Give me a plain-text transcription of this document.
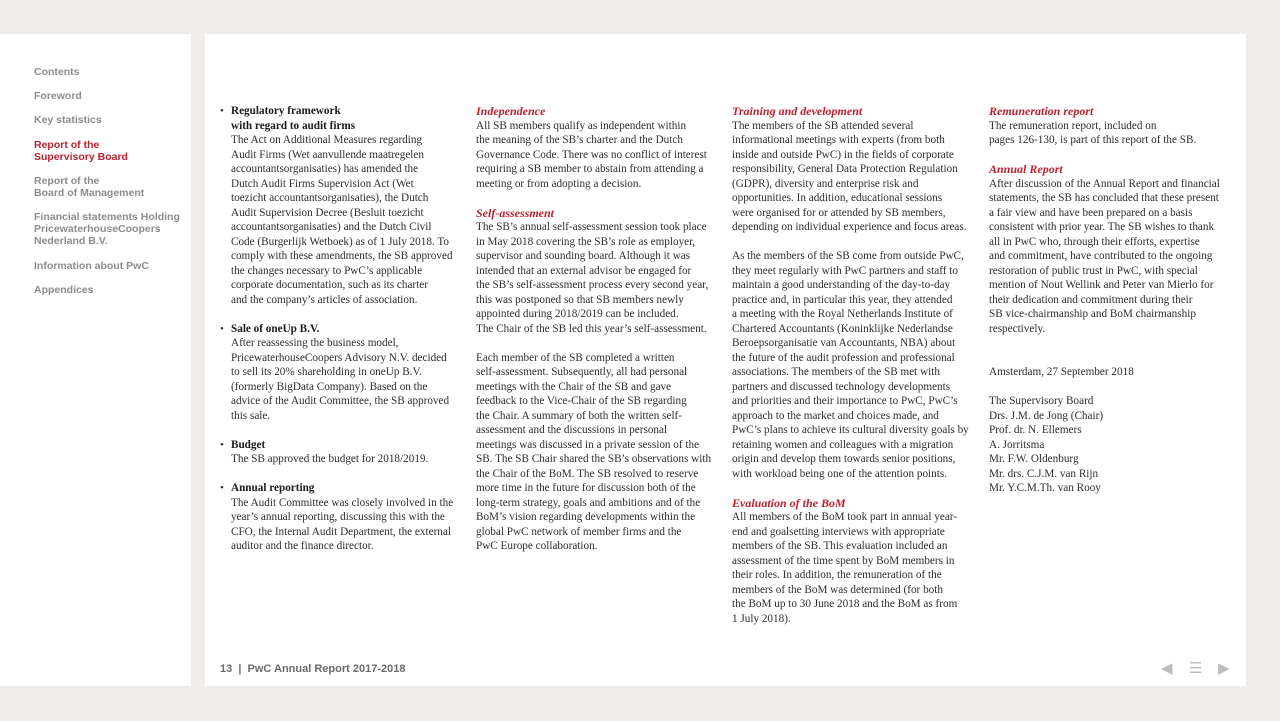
Contents
Foreword
Key statistics
Report of the
Supervisory Board
Report of the
Board of Management
Financial statements Holding
PricewaterhouseCoopers
Nederland B.V.
Information about PwC
Appendices

• Regulatory framework

with regard to audit firms

The Act on Additional Measures regarding

Audit Firms (Wet aanvullende maatregelen

accountantsorganisaties) has amended the

Dutch Audit Firms Supervision Act (Wet

toezicht accountantsorganisaties), the Dutch

Audit Supervision Decree (Besluit toezicht

accountantsorganisaties) and the Dutch Civil

Code (Burgerlijk Wetboek) as of 1 July 2018. To

comply with these amendments, the SB approved

the changes necessary to PwC’s applicable

corporate documentation, such as its charter

and the company’s articles of association.

• Sale of oneUp B.V.

After reassessing the business model,

PricewaterhouseCoopers Advisory N.V. decided

to sell its 20% shareholding in oneUp B.V.

(formerly BigData Company). Based on the

advice of the Audit Committee, the SB approved

this sale.

• Budget

The SB approved the budget for 2018/2019.

• Annual reporting

The Audit Committee was closely involved in the

year’s annual reporting, discussing this with the

CFO, the Internal Audit Department, the external

auditor and the finance director.

Independence

All SB members qualify as independent within

the meaning of the SB’s charter and the Dutch

Governance Code. There was no conflict of interest

requiring a SB member to abstain from attending a

meeting or from adopting a decision.

Self-assessment

The SB’s annual self-assessment session took place

in May 2018 covering the SB’s role as employer,

supervisor and sounding board. Although it was

intended that an external advisor be engaged for

the SB’s self-assessment process every second year,

this was postponed so that SB members newly

appointed during 2018/2019 can be included.

The Chair of the SB led this year’s self-assessment.

Each member of the SB completed a written

self-assessment. Subsequently, all had personal

meetings with the Chair of the SB and gave

feedback to the Vice-Chair of the SB regarding

the Chair. A summary of both the written self-

assessment and the discussions in personal

meetings was discussed in a private session of the

SB. The SB Chair shared the SB’s observations with

the Chair of the BoM. The SB resolved to reserve

more time in the future for discussion both of the

long-term strategy, goals and ambitions and of the

BoM’s vision regarding developments within the

global PwC network of member firms and the

PwC Europe collaboration.

Training and development

The members of the SB attended several

informational meetings with experts (from both

inside and outside PwC) in the fields of corporate

responsibility, General Data Protection Regulation

(GDPR), diversity and enterprise risk and

opportunities. In addition, educational sessions

were organised for or attended by SB members,

depending on individual experience and focus areas.

As the members of the SB come from outside PwC,

they meet regularly with PwC partners and staff to

maintain a good understanding of the day-to-day

practice and, in particular this year, they attended

a meeting with the Royal Netherlands Institute of

Chartered Accountants (Koninklijke Nederlandse

Beroepsorganisatie van Accountants, NBA) about

the future of the audit profession and professional

associations. The members of the SB met with

partners and discussed technology developments

and priorities and their importance to PwC, PwC’s

approach to the market and choices made, and

PwC’s plans to achieve its cultural diversity goals by

retaining women and colleagues with a migration

origin and develop them towards senior positions,

with workload being one of the attention points.

Evaluation of the BoM

All members of the BoM took part in annual year-

end and goalsetting interviews with appropriate

members of the SB. This evaluation included an

assessment of the time spent by BoM members in

their roles. In addition, the remuneration of the

members of the BoM was determined (for both

the BoM up to 30 June 2018 and the BoM as from

1 July 2018).

Remuneration report

The remuneration report, included on

pages 126-130, is part of this report of the SB.

Annual Report

After discussion of the Annual Report and financial

statements, the SB has concluded that these present

a fair view and have been prepared on a basis

consistent with prior year. The SB wishes to thank

all in PwC who, through their efforts, expertise

and commitment, have contributed to the ongoing

restoration of public trust in PwC, with special

mention of Nout Wellink and Peter van Mierlo for

their dedication and commitment during their

SB vice-chairmanship and BoM chairmanship

respectively.

Amsterdam, 27 September 2018

The Supervisory Board

Drs. J.M. de Jong (Chair)

Prof. dr. N. Ellemers

A. Jorritsma

Mr. F.W. Oldenburg

Mr. drs. C.J.M. van Rijn

Mr. Y.C.M.Th. van Rooy

13  |  PwC Annual Report 2017-2018	◀ ☰ ▶
